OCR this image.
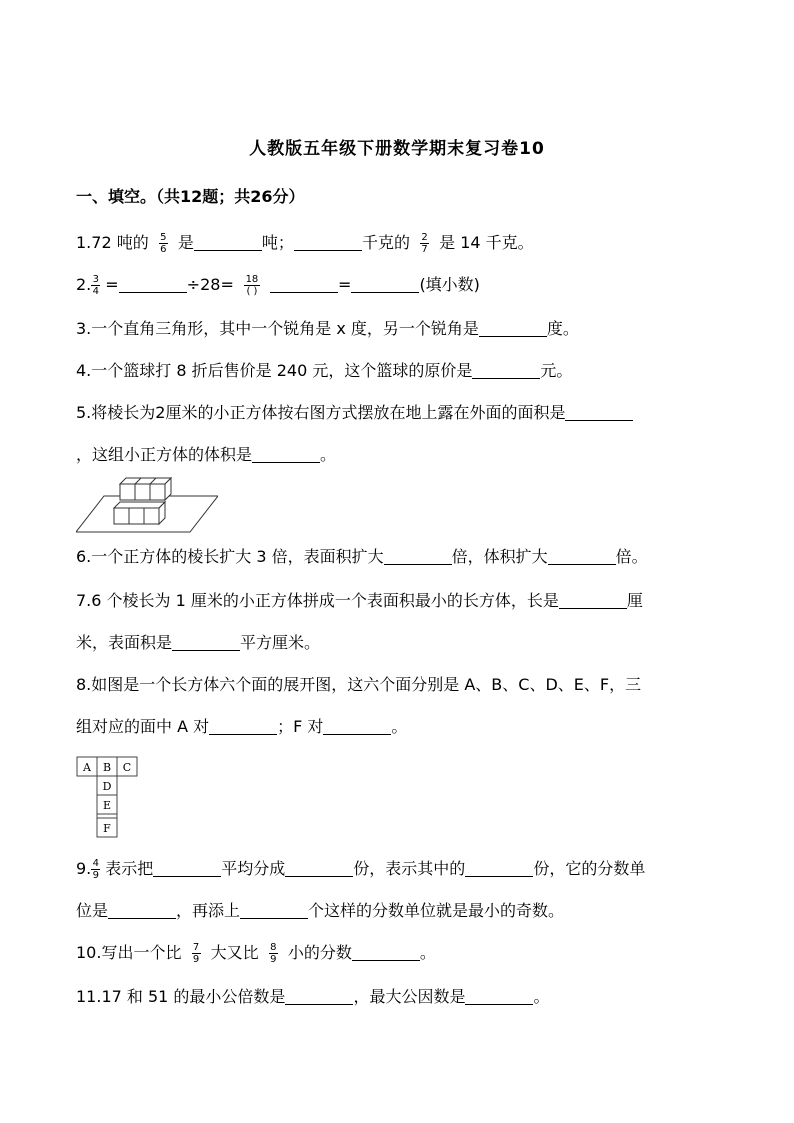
人教版五年级下册数学期末复习卷10
一、填空。（共12题；共26分）
1.72 吨的 $\frac{5}{6}$ 是	吨；	千克的 $\frac{2}{7}$ 是 14 千克。
2. $\frac{3}{4}$ =	$\div 28= \frac{18}{( )}$	=	(填小数)
3.一个直角三角形，其中一个锐角是 x 度，另一个锐角是	度。
4.一个篮球打 8 折后售价是 240 元，这个篮球的原价是	元。
5.将棱长为2厘米的小正方体按右图方式摆放在地上露在外面的面积是
，这组小正方体的体积是	。
6.一个正方体的棱长扩大 3 倍，表面积扩大	倍，体积扩大	倍。
7.6 个棱长为 1 厘米的小正方体拼成一个表面积最小的长方体，长是	厘
米，表面积是	平方厘米。
8.如图是一个长方体六个面的展开图，这六个面分别是 A、B、C、D、E、F，三
组对应的面中 A 对	；F 对	。
A B C
D
E
F
9. $\frac{4}{9}$ 表示把	平均分成	份，表示其中的	份，它的分数单
位是	，再添上	个这样的分数单位就是最小的奇数。
10.写出一个比 $\frac{7}{9}$ 大又比 $\frac{8}{9}$ 小的分数	。
11.17 和 51 的最小公倍数是	，最大公因数是	。
